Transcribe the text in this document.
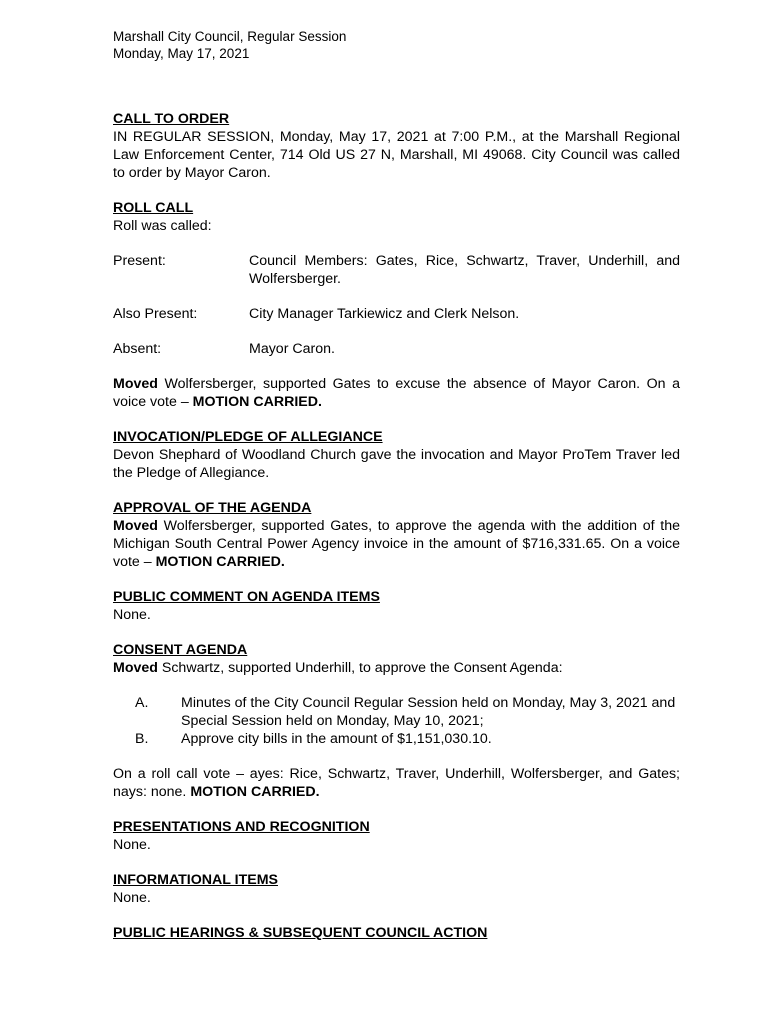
Marshall City Council, Regular Session
Monday, May 17, 2021
CALL TO ORDER

IN REGULAR SESSION, Monday, May 17, 2021 at 7:00 P.M., at the Marshall Regional Law Enforcement Center, 714 Old US 27 N, Marshall, MI 49068. City Council was called to order by Mayor Caron.

ROLL CALL

Roll was called:

Present:	Council Members: Gates, Rice, Schwartz, Traver, Underhill, and Wolfersberger.
Also Present:	City Manager Tarkiewicz and Clerk Nelson.
Absent:	Mayor Caron.

Moved Wolfersberger, supported Gates to excuse the absence of Mayor Caron. On a voice vote – MOTION CARRIED.

INVOCATION/PLEDGE OF ALLEGIANCE

Devon Shephard of Woodland Church gave the invocation and Mayor ProTem Traver led the Pledge of Allegiance.

APPROVAL OF THE AGENDA

Moved Wolfersberger, supported Gates, to approve the agenda with the addition of the Michigan South Central Power Agency invoice in the amount of $716,331.65. On a voice vote – MOTION CARRIED.

PUBLIC COMMENT ON AGENDA ITEMS

None.

CONSENT AGENDA

Moved Schwartz, supported Underhill, to approve the Consent Agenda:

A.	Minutes of the City Council Regular Session held on Monday, May 3, 2021 and Special Session held on Monday, May 10, 2021;
B.	Approve city bills in the amount of $1,151,030.10.

On a roll call vote – ayes: Rice, Schwartz, Traver, Underhill, Wolfersberger, and Gates; nays: none. MOTION CARRIED.

PRESENTATIONS AND RECOGNITION

None.

INFORMATIONAL ITEMS

None.

PUBLIC HEARINGS & SUBSEQUENT COUNCIL ACTION
